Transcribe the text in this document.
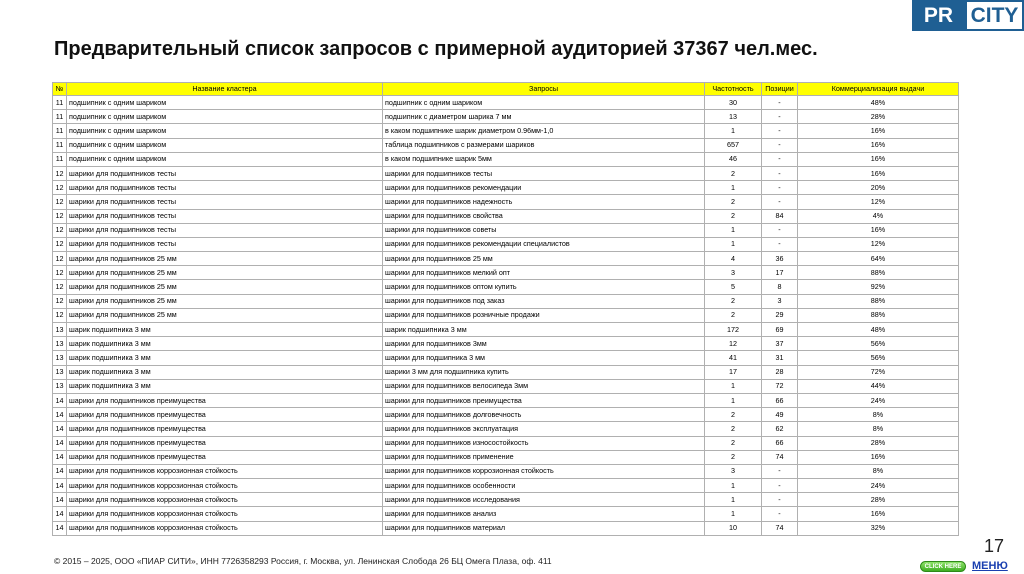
PR CITY
Предварительный список запросов с примерной аудиторией 37367 чел.мес.
№	Название кластера	Запросы	Частотность	Позиции	Коммерциализация выдачи
11	подшипник с одним шариком	подшипник с одним шариком	30	-	48%
11	подшипник с одним шариком	подшипник с диаметром шарика 7 мм	13	-	28%
11	подшипник с одним шариком	в каком подшипнике шарик диаметром 0.96мм-1,0	1	-	16%
11	подшипник с одним шариком	таблица подшипников с размерами шариков	657	-	16%
11	подшипник с одним шариком	в каком подшипнике шарик 5мм	46	-	16%
12	шарики для подшипников тесты	шарики для подшипников тесты	2	-	16%
12	шарики для подшипников тесты	шарики для подшипников рекомендации	1	-	20%
12	шарики для подшипников тесты	шарики для подшипников надежность	2	-	12%
12	шарики для подшипников тесты	шарики для подшипников свойства	2	84	4%
12	шарики для подшипников тесты	шарики для подшипников советы	1	-	16%
12	шарики для подшипников тесты	шарики для подшипников рекомендации специалистов	1	-	12%
12	шарики для подшипников 25 мм	шарики для подшипников 25 мм	4	36	64%
12	шарики для подшипников 25 мм	шарики для подшипников мелкий опт	3	17	88%
12	шарики для подшипников 25 мм	шарики для подшипников оптом купить	5	8	92%
12	шарики для подшипников 25 мм	шарики для подшипников под заказ	2	3	88%
12	шарики для подшипников 25 мм	шарики для подшипников розничные продажи	2	29	88%
13	шарик подшипника 3 мм	шарик подшипника 3 мм	172	69	48%
13	шарик подшипника 3 мм	шарики для подшипников 3мм	12	37	56%
13	шарик подшипника 3 мм	шарики для подшипника 3 мм	41	31	56%
13	шарик подшипника 3 мм	шарики 3 мм для подшипника купить	17	28	72%
13	шарик подшипника 3 мм	шарики для подшипников велосипеда 3мм	1	72	44%
14	шарики для подшипников преимущества	шарики для подшипников преимущества	1	66	24%
14	шарики для подшипников преимущества	шарики для подшипников долговечность	2	49	8%
14	шарики для подшипников преимущества	шарики для подшипников эксплуатация	2	62	8%
14	шарики для подшипников преимущества	шарики для подшипников износостойкость	2	66	28%
14	шарики для подшипников преимущества	шарики для подшипников применение	2	74	16%
14	шарики для подшипников коррозионная стойкость	шарики для подшипников коррозионная стойкость	3	-	8%
14	шарики для подшипников коррозионная стойкость	шарики для подшипников особенности	1	-	24%
14	шарики для подшипников коррозионная стойкость	шарики для подшипников исследования	1	-	28%
14	шарики для подшипников коррозионная стойкость	шарики для подшипников анализ	1	-	16%
14	шарики для подшипников коррозионная стойкость	шарики для подшипников материал	10	74	32%
17
© 2015 – 2025, ООО «ПИАР СИТИ», ИНН 7726358293 Россия, г. Москва, ул. Ленинская Слобода 26 БЦ Омега Плаза, оф. 411
CLICK HERE МЕНЮ
